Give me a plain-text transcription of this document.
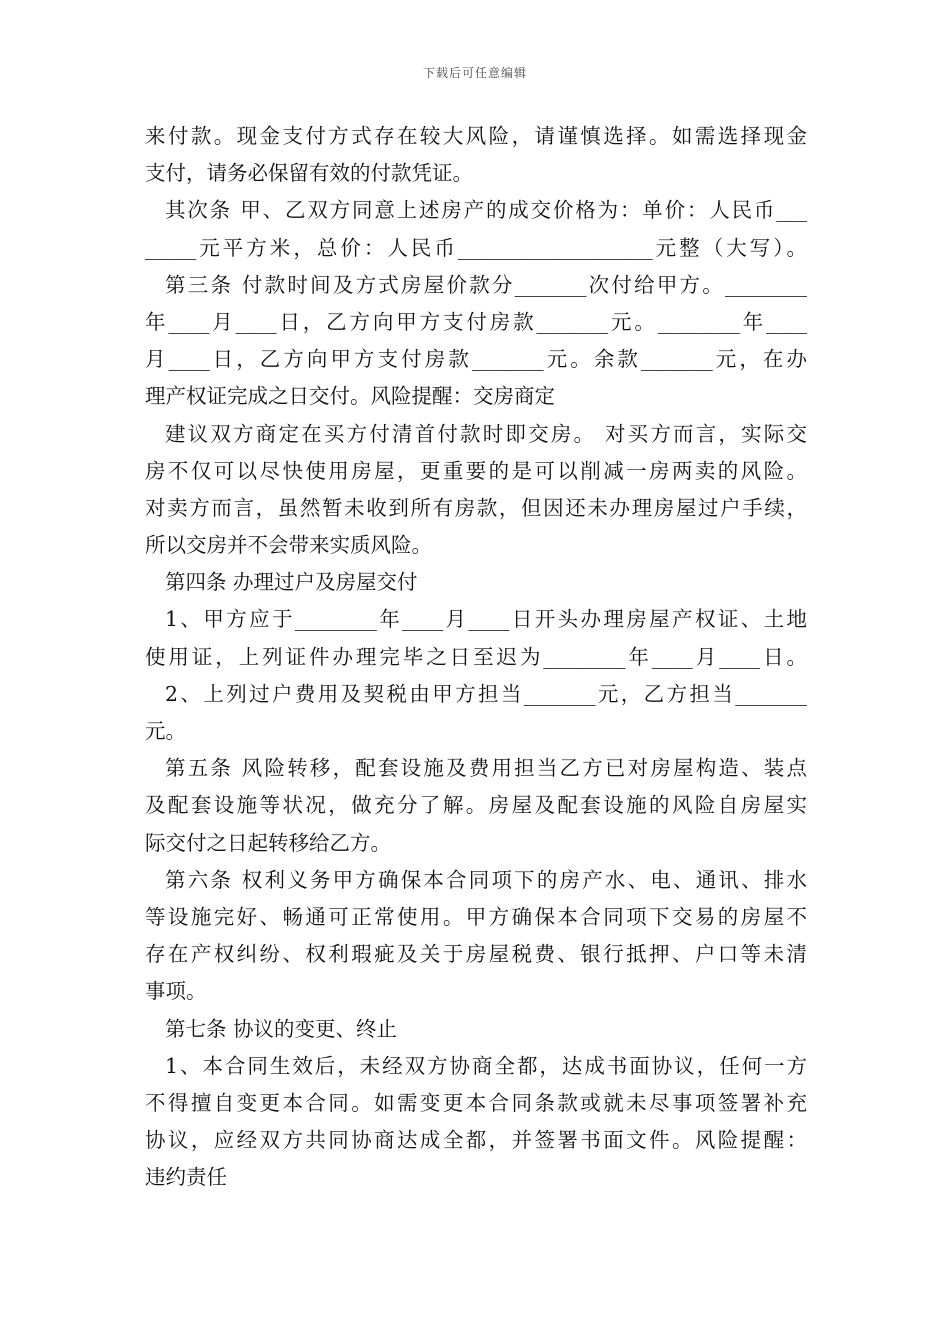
下载后可任意编辑
来付款。现金支付方式存在较大风险，请谨慎选择。如需选择现金
支付，请务必保留有效的付款凭证。
其次条 甲、乙双方同意上述房产的成交价格为：单价：人民币___
_____元平方米，总价：人民币___________________元整（大写）。
第三条 付款时间及方式房屋价款分_______次付给甲方。________
年____月____日，乙方向甲方支付房款_______元。________年____
月____日，乙方向甲方支付房款_______元。余款_______元，在办
理产权证完成之日交付。风险提醒：交房商定
建议双方商定在买方付清首付款时即交房。 对买方而言，实际交
房不仅可以尽快使用房屋，更重要的是可以削减一房两卖的风险。
对卖方而言，虽然暂未收到所有房款，但因还未办理房屋过户手续，
所以交房并不会带来实质风险。
第四条 办理过户及房屋交付
1、甲方应于________年____月____日开头办理房屋产权证、土地
使用证，上列证件办理完毕之日至迟为________年____月____日。
2、上列过户费用及契税由甲方担当_______元，乙方担当_______
元。
第五条 风险转移，配套设施及费用担当乙方已对房屋构造、装点
及配套设施等状况，做充分了解。房屋及配套设施的风险自房屋实
际交付之日起转移给乙方。
第六条 权利义务甲方确保本合同项下的房产水、电、通讯、排水
等设施完好、畅通可正常使用。甲方确保本合同项下交易的房屋不
存在产权纠纷、权利瑕疵及关于房屋税费、银行抵押、户口等未清
事项。
第七条 协议的变更、终止
1、本合同生效后，未经双方协商全都，达成书面协议，任何一方
不得擅自变更本合同。如需变更本合同条款或就未尽事项签署补充
协议，应经双方共同协商达成全都，并签署书面文件。风险提醒：
违约责任
